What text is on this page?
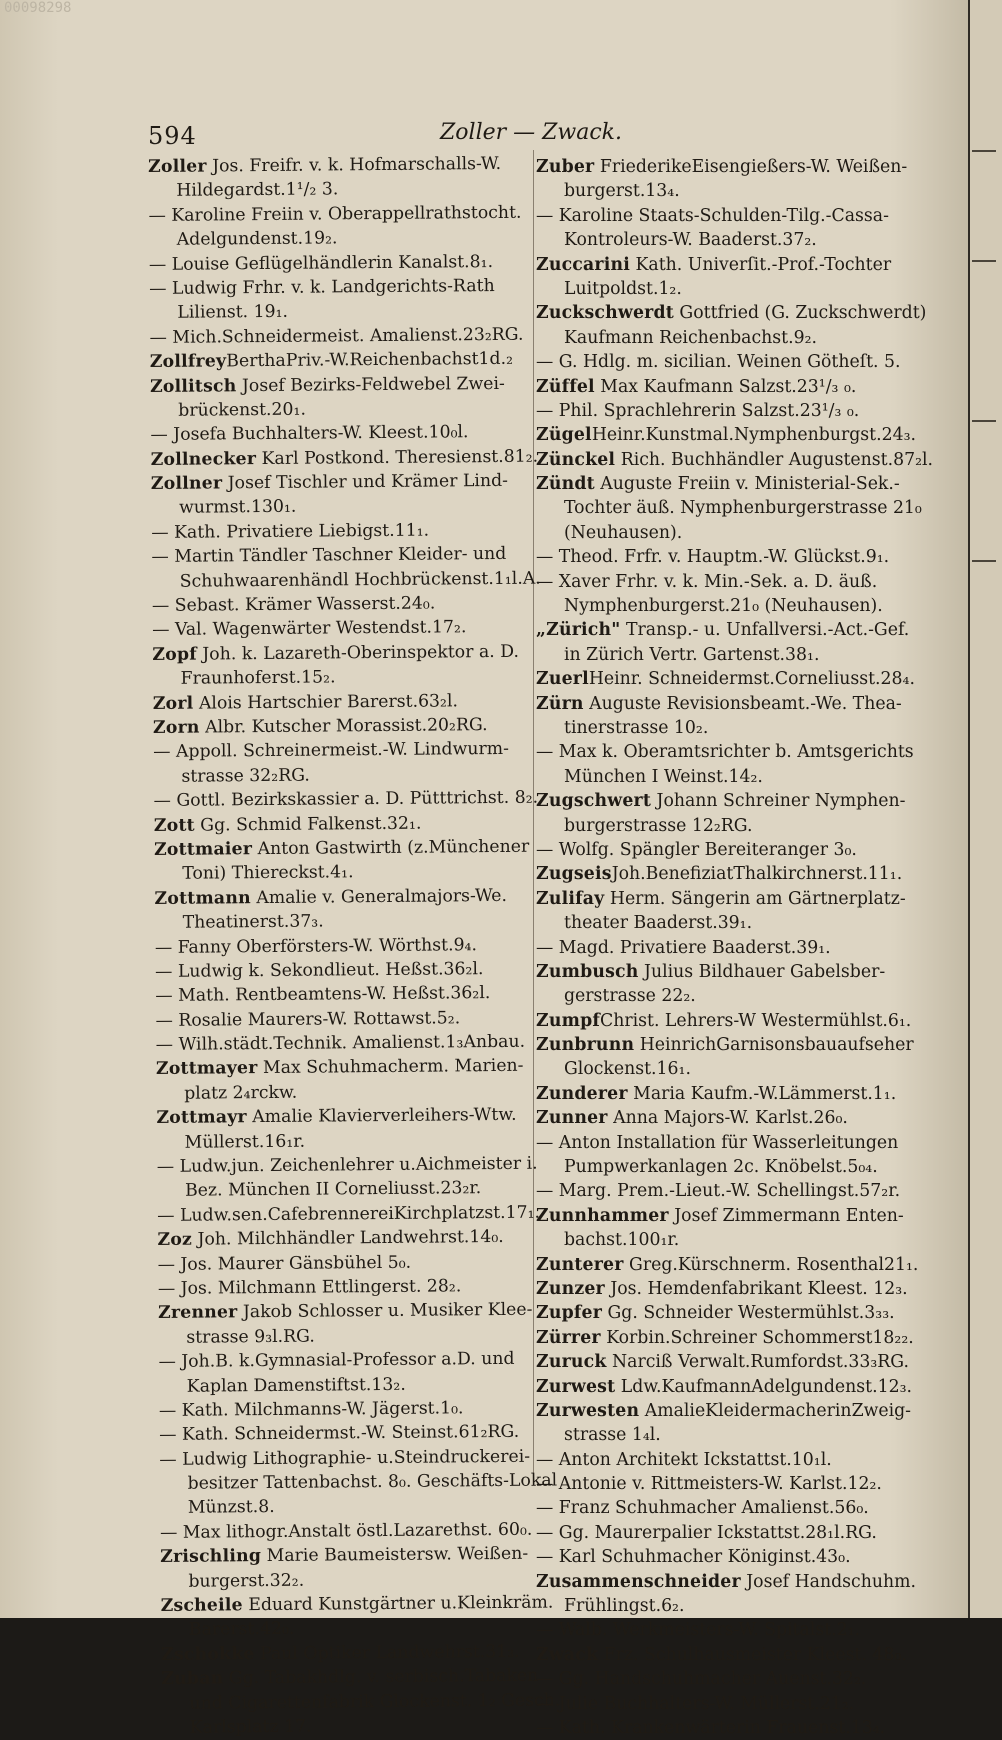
00098298
594	Zoller — Zwack.
Zoller Jos. Freifr. v. k. Hofmarschalls-W.
Hildegardst.1¹/₂ 3.
— Karoline Freiin v. Oberappellrathstocht.
Adelgundenst.19₂.
— Louise Geflügelhändlerin Kanalst.8₁.
— Ludwig Frhr. v. k. Landgerichts-Rath
Lilienst. 19₁.
— Mich.Schneidermeist. Amalienst.23₂RG.
ZollfreyBerthaPriv.-W.Reichenbachst1d.₂
Zollitsch Josef Bezirks-Feldwebel Zwei-
brückenst.20₁.
— Josefa Buchhalters-W. Kleest.10₀l.
Zollnecker Karl Postkond. Theresienst.81₂.
Zollner Josef Tischler und Krämer Lind-
wurmst.130₁.
— Kath. Privatiere Liebigst.11₁.
— Martin Tändler Taschner Kleider- und
Schuhwaarenhändl Hochbrückenst.1₁l.A.
— Sebast. Krämer Wasserst.24₀.
— Val. Wagenwärter Westendst.17₂.
Zopf Joh. k. Lazareth-Oberinspektor a. D.
Fraunhoferst.15₂.
Zorl Alois Hartschier Barerst.63₂l.
Zorn Albr. Kutscher Morassist.20₂RG.
— Appoll. Schreinermeist.-W. Lindwurm-
strasse 32₂RG.
— Gottl. Bezirkskassier a. D. Pütttrichst. 8₂.
Zott Gg. Schmid Falkenst.32₁.
Zottmaier Anton Gastwirth (z.Münchener
Toni) Thiereckst.4₁.
Zottmann Amalie v. Generalmajors-We.
Theatinerst.37₃.
— Fanny Oberförsters-W. Wörthst.9₄.
— Ludwig k. Sekondlieut. Heßst.36₂l.
— Math. Rentbeamtens-W. Heßst.36₂l.
— Rosalie Maurers-W. Rottawst.5₂.
— Wilh.städt.Technik. Amalienst.1₃Anbau.
Zottmayer Max Schuhmacherm. Marien-
platz 2₄rckw.
Zottmayr Amalie Klavierverleihers-Wtw.
Müllerst.16₁r.
— Ludw.jun. Zeichenlehrer u.Aichmeister i.
Bez. München II Corneliusst.23₂r.
— Ludw.sen.CafebrennereiKirchplatzst.17₁.
Zoz Joh. Milchhändler Landwehrst.14₀.
— Jos. Maurer Gänsbühel 5₀.
— Jos. Milchmann Ettlingerst. 28₂.
Zrenner Jakob Schlosser u. Musiker Klee-
strasse 9₃l.RG.
— Joh.B. k.Gymnasial-Professor a.D. und
Kaplan Damenstiftst.13₂.
— Kath. Milchmanns-W. Jägerst.1₀.
— Kath. Schneidermst.-W. Steinst.61₂RG.
— Ludwig Lithographie- u.Steindruckerei-
besitzer Tattenbachst. 8₀. Geschäfts-Lokal
Münzst.8.
— Max lithogr.Anstalt östl.Lazarethst. 60₀.
Zrischling Marie Baumeistersw. Weißen-
burgerst.32₂.
Zscheile Eduard Kunstgärtner u.Kleinkräm.
Barerst.42₀.
Zschokke Paul Optiker Landwehrst.31₃.
Zuban Gg. Tabakhdlg. v. serbisch.Tabaken
und Cigarettenfabrik Glockenst. 1₂ Gesch.
Karlsplatz 17.
Zuber FriederikeEisengießers-W. Weißen-
burgerst.13₄.
— Karoline Staats-Schulden-Tilg.-Cassa-
Kontroleurs-W. Baaderst.37₂.
Zuccarini Kath. Univerſit.-Prof.-Tochter
Luitpoldst.1₂.
Zuckschwerdt Gottfried (G. Zuckschwerdt)
Kaufmann Reichenbachst.9₂.
— G. Hdlg. m. sicilian. Weinen Götheſt. 5.
Züffel Max Kaufmann Salzst.23¹/₃ ₀.
— Phil. Sprachlehrerin Salzst.23¹/₃ ₀.
ZügelHeinr.Kunstmal.Nymphenburgst.24₃.
Zünckel Rich. Buchhändler Augustenst.87₂l.
Zündt Auguste Freiin v. Ministerial-Sek.-
Tochter äuß. Nymphenburgerstrasse 21₀
(Neuhausen).
— Theod. Frfr. v. Hauptm.-W. Glückst.9₁.
— Xaver Frhr. v. k. Min.-Sek. a. D. äuß.
Nymphenburgerst.21₀ (Neuhausen).
„Zürich" Transp.- u. Unfallversi.-Act.-Gef.
in Zürich Vertr. Gartenst.38₁.
ZuerlHeinr. Schneidermst.Corneliusst.28₄.
Zürn Auguste Revisionsbeamt.-We. Thea-
tinerstrasse 10₂.
— Max k. Oberamtsrichter b. Amtsgerichts
München I Weinst.14₂.
Zugschwert Johann Schreiner Nymphen-
burgerstrasse 12₂RG.
— Wolfg. Spängler Bereiteranger 3₀.
ZugseisJoh.BenefiziatThalkirchnerst.11₁.
Zulifay Herm. Sängerin am Gärtnerplatz-
theater Baaderst.39₁.
— Magd. Privatiere Baaderst.39₁.
Zumbusch Julius Bildhauer Gabelsber-
gerstrasse 22₂.
ZumpfChrist. Lehrers-W Westermühlst.6₁.
Zunbrunn HeinrichGarnisonsbauaufseher
Glockenst.16₁.
Zunderer Maria Kaufm.-W.Lämmerst.1₁.
Zunner Anna Majors-W. Karlst.26₀.
— Anton Installation für Wasserleitungen
Pumpwerkanlagen 2c. Knöbelst.5₀₄.
— Marg. Prem.-Lieut.-W. Schellingst.57₂r.
Zunnhammer Josef Zimmermann Enten-
bachst.100₁r.
Zunterer Greg.Kürschnerm. Rosenthal21₁.
Zunzer Jos. Hemdenfabrikant Kleest. 12₃.
Zupfer Gg. Schneider Westermühlst.3₃₃.
Zürrer Korbin.Schreiner Schommerst18₂₂.
Zuruck Narciß Verwalt.Rumfordst.33₃RG.
Zurwest Ldw.KaufmannAdelgundenst.12₃.
Zurwesten AmalieKleidermacherinZweig-
strasse 1₄l.
— Anton Architekt Ickstattst.10₁l.
— Antonie v. Rittmeisters-W. Karlst.12₂.
— Franz Schuhmacher Amalienst.56₀.
— Gg. Maurerpalier Ickstattst.28₁l.RG.
— Karl Schuhmacher Königinst.43₀.
Zusammenschneider Josef Handschuhm.
Frühlingst.6₂.
— Walb. Werkmeisters-W. Spitalst.2₁.
Zwack Frz. Schulhausmeister Kleest. 48₀.
— Gg. Handschuhmacher Auenst.32₂.
— Julie Buchhalters-W. Müllerst.21₂.
— Kath. Krankenwärterin Frauenst.13₄.
